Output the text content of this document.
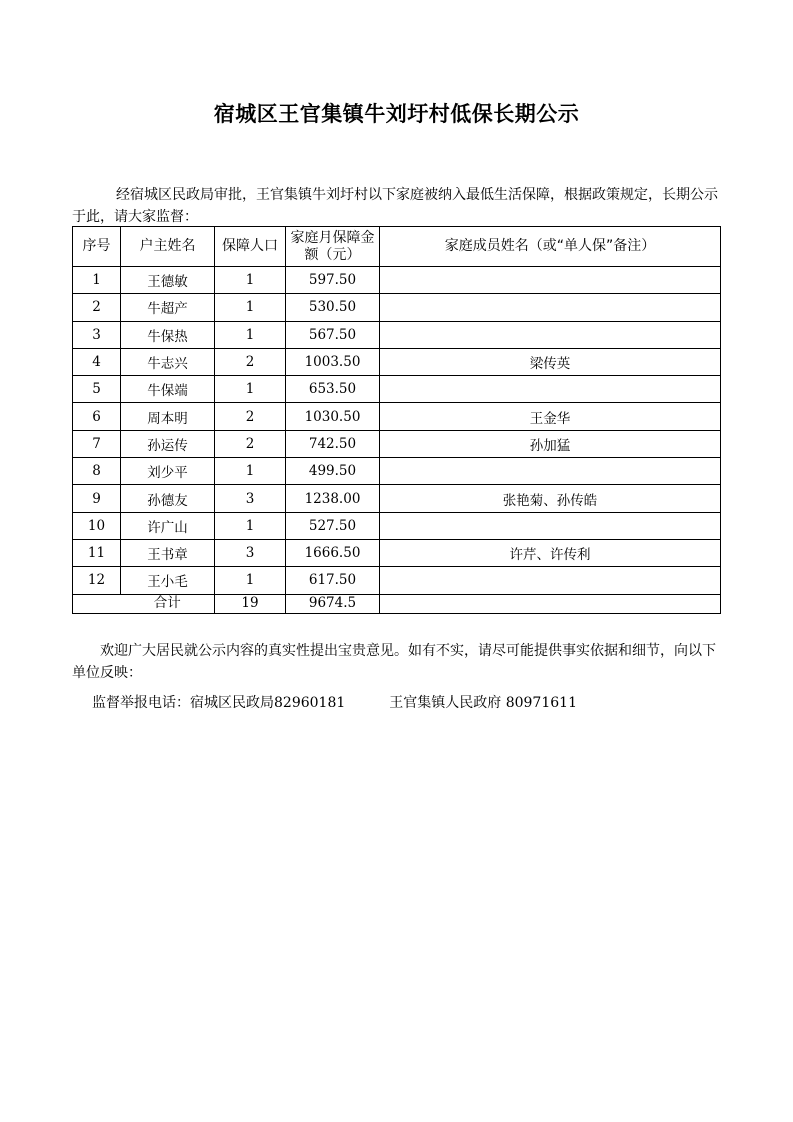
宿城区王官集镇牛刘圩村低保长期公示

经宿城区民政局审批，王官集镇牛刘圩村以下家庭被纳入最低生活保障，根据政策规定，长期公示于此，请大家监督：

序号	户主姓名	保障人口	家庭月保障金额（元）	家庭成员姓名（或“单人保”备注）
1	王德敏	1	597.50	
2	牛超产	1	530.50	
3	牛保热	1	567.50	
4	牛志兴	2	1003.50	梁传英
5	牛保端	1	653.50	
6	周本明	2	1030.50	王金华
7	孙运传	2	742.50	孙加猛
8	刘少平	1	499.50	
9	孙德友	3	1238.00	张艳菊、孙传皓
10	许广山	1	527.50	
11	王书章	3	1666.50	许芹、许传利
12	王小毛	1	617.50	
	合计	19	9674.5	

欢迎广大居民就公示内容的真实性提出宝贵意见。如有不实，请尽可能提供事实依据和细节，向以下单位反映：

监督举报电话：宿城区民政局82960181	王官集镇人民政府 80971611
